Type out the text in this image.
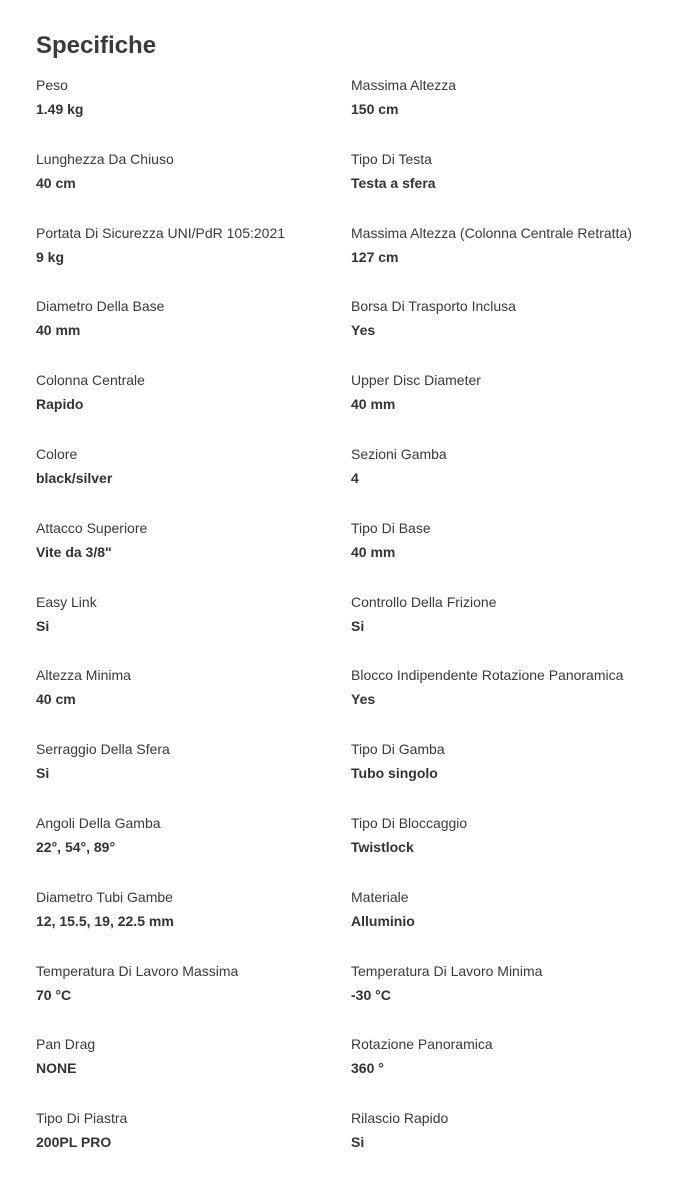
Specifiche
Peso
1.49 kg
Massima Altezza
150 cm
Lunghezza Da Chiuso
40 cm
Tipo Di Testa
Testa a sfera
Portata Di Sicurezza UNI/PdR 105:2021
9 kg
Massima Altezza (Colonna Centrale Retratta)
127 cm
Diametro Della Base
40 mm
Borsa Di Trasporto Inclusa
Yes
Colonna Centrale
Rapido
Upper Disc Diameter
40 mm
Colore
black/silver
Sezioni Gamba
4
Attacco Superiore
Vite da 3/8"
Tipo Di Base
40 mm
Easy Link
Si
Controllo Della Frizione
Si
Altezza Minima
40 cm
Blocco Indipendente Rotazione Panoramica
Yes
Serraggio Della Sfera
Si
Tipo Di Gamba
Tubo singolo
Angoli Della Gamba
22°, 54°, 89°
Tipo Di Bloccaggio
Twistlock
Diametro Tubi Gambe
12, 15.5, 19, 22.5 mm
Materiale
Alluminio
Temperatura Di Lavoro Massima
70 °C
Temperatura Di Lavoro Minima
-30 °C
Pan Drag
NONE
Rotazione Panoramica
360 °
Tipo Di Piastra
200PL PRO
Rilascio Rapido
Si
